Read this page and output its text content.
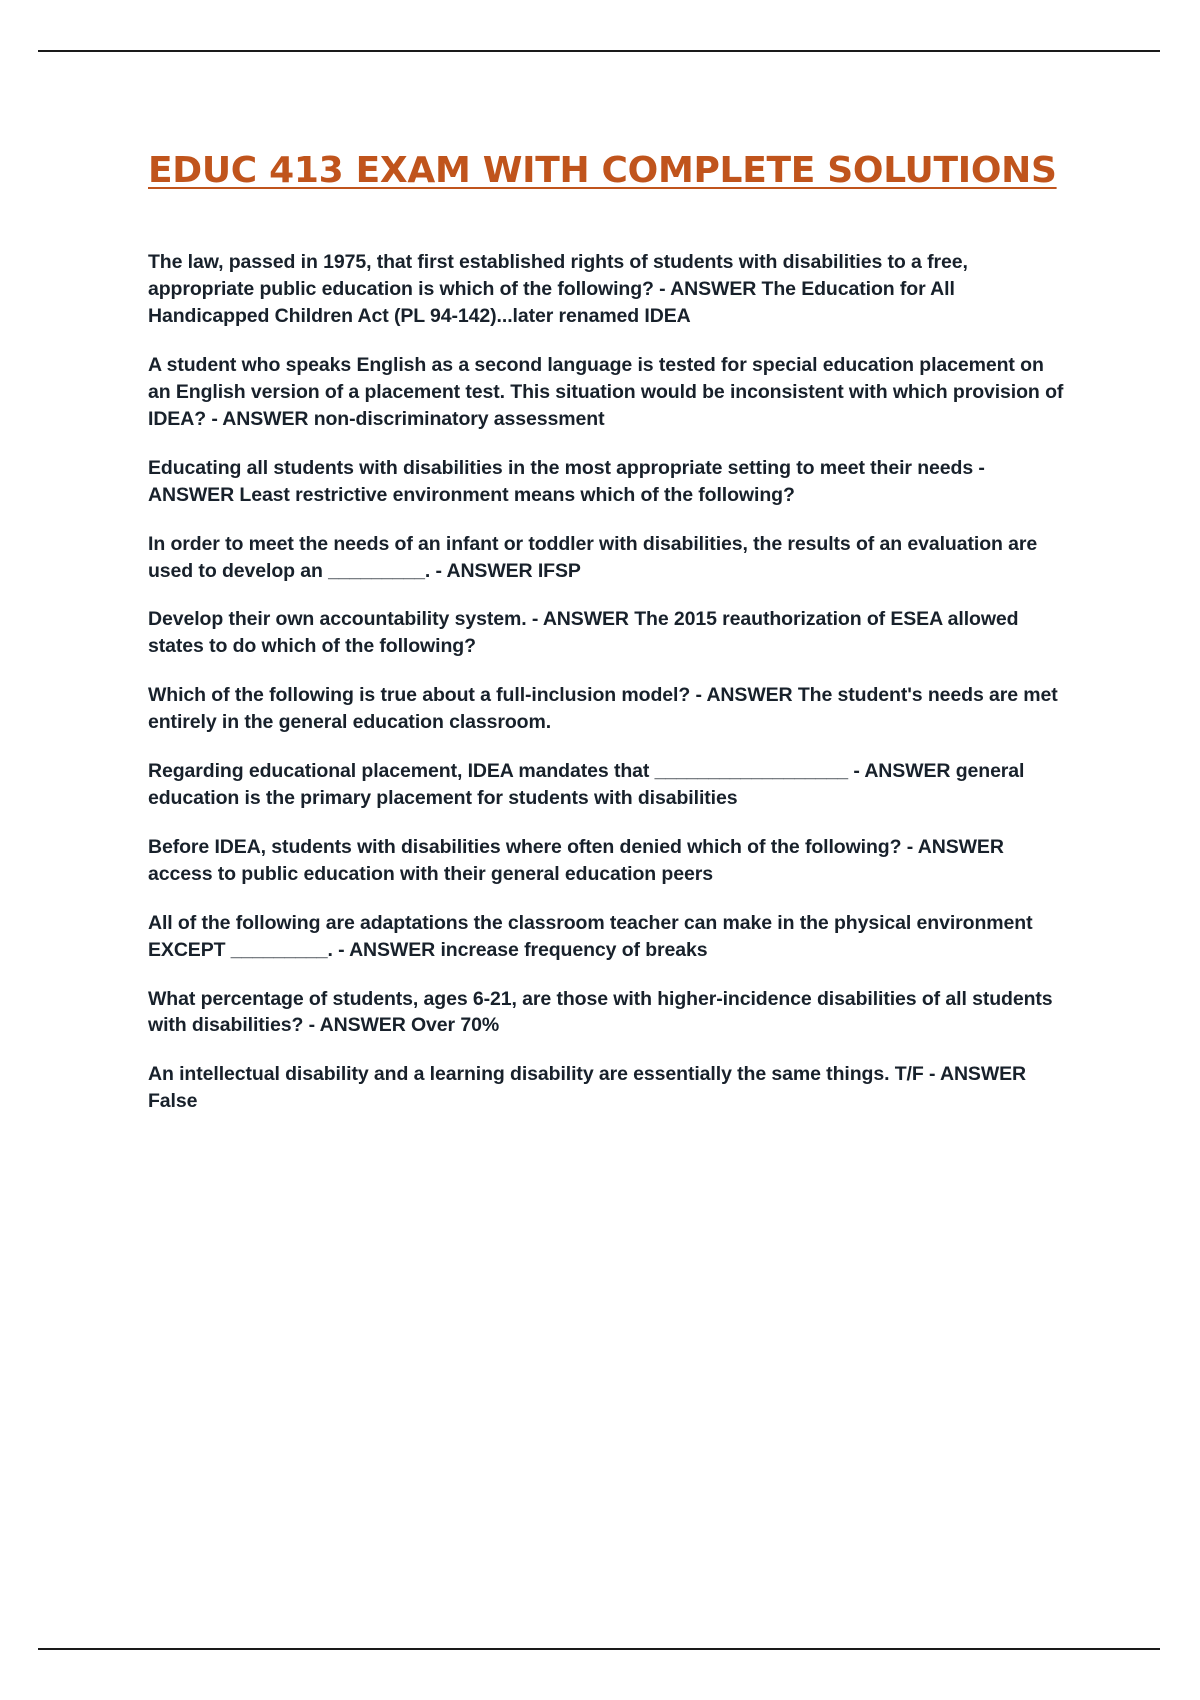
EDUC 413 EXAM WITH COMPLETE SOLUTIONS

The law, passed in 1975, that first established rights of students with disabilities to a free, appropriate public education is which of the following? - ANSWER The Education for All Handicapped Children Act (PL 94-142)...later renamed IDEA

A student who speaks English as a second language is tested for special education placement on an English version of a placement test. This situation would be inconsistent with which provision of IDEA? - ANSWER non-discriminatory assessment

Educating all students with disabilities in the most appropriate setting to meet their needs - ANSWER Least restrictive environment means which of the following?

In order to meet the needs of an infant or toddler with disabilities, the results of an evaluation are used to develop an _________. - ANSWER IFSP

Develop their own accountability system. - ANSWER The 2015 reauthorization of ESEA allowed states to do which of the following?

Which of the following is true about a full-inclusion model? - ANSWER The student's needs are met entirely in the general education classroom.

Regarding educational placement, IDEA mandates that __________________ - ANSWER general education is the primary placement for students with disabilities

Before IDEA, students with disabilities where often denied which of the following? - ANSWER access to public education with their general education peers

All of the following are adaptations the classroom teacher can make in the physical environment EXCEPT _________. - ANSWER increase frequency of breaks

What percentage of students, ages 6-21, are those with higher-incidence disabilities of all students with disabilities? - ANSWER Over 70%

An intellectual disability and a learning disability are essentially the same things. T/F - ANSWER False
